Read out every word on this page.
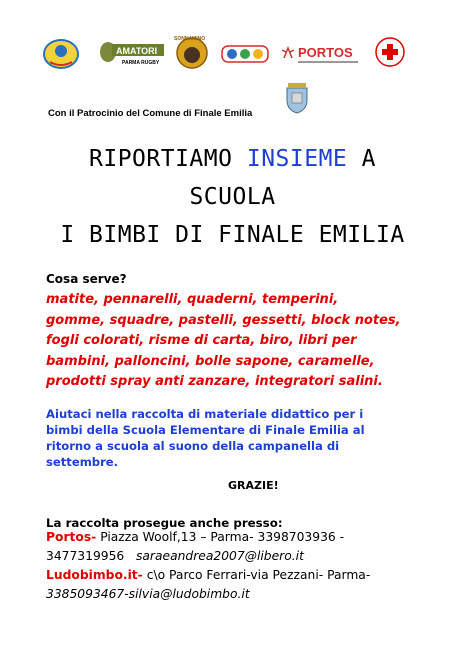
AMATORI
PARMA RUGBY
SONNAMINO
PORTOS
Con il Patrocinio del Comune di Finale Emilia
RIPORTIAMO INSIEME A
SCUOLA
I BIMBI DI FINALE EMILIA
Cosa serve?
matite, pennarelli, quaderni, temperini,
gomme, squadre, pastelli, gessetti, block notes,
fogli colorati, risme di carta, biro, libri per
bambini, palloncini, bolle sapone, caramelle,
prodotti spray anti zanzare, integratori salini.
Aiutaci nella raccolta di materiale didattico per i
bimbi della Scuola Elementare di Finale Emilia al
ritorno a scuola al suono della campanella di
settembre.
GRAZIE!
La raccolta prosegue anche presso:
Portos- Piazza Woolf,13 – Parma- 3398703936 -
3477319956 saraeandrea2007@libero.it
Ludobimbo.it- c\o Parco Ferrari-via Pezzani- Parma-
3385093467-silvia@ludobimbo.it
